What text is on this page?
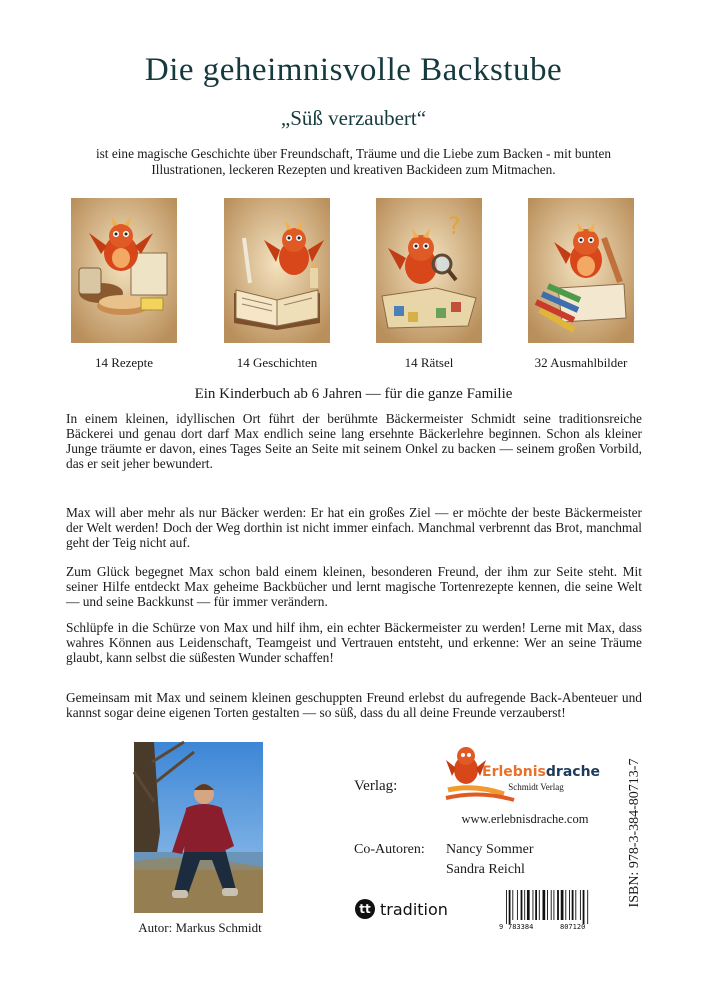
Die geheimnisvolle Backstube
„Süß verzaubert“
ist eine magische Geschichte über Freundschaft, Träume und die Liebe zum Backen - mit bunten Illustrationen, leckeren Rezepten und kreativen Backideen zum Mitmachen.
?
14 Rezepte	14 Geschichten	14 Rätsel	32 Ausmahlbilder
Ein Kinderbuch ab 6 Jahren — für die ganze Familie

In einem kleinen, idyllischen Ort führt der berühmte Bäckermeister Schmidt seine traditionsreiche Bäckerei und genau dort darf Max endlich seine lang ersehnte Bäckerlehre beginnen. Schon als kleiner Junge träumte er davon, eines Tages Seite an Seite mit seinem Onkel zu backen — seinem großen Vorbild, das er seit jeher bewundert.

Max will aber mehr als nur Bäcker werden: Er hat ein großes Ziel — er möchte der beste Bäckermeister der Welt werden! Doch der Weg dorthin ist nicht immer einfach. Manchmal verbrennt das Brot, manchmal geht der Teig nicht auf.

Zum Glück begegnet Max schon bald einem kleinen, besonderen Freund, der ihm zur Seite steht. Mit seiner Hilfe entdeckt Max geheime Backbücher und lernt magische Tortenrezepte kennen, die seine Welt — und seine Backkunst — für immer verändern.

Schlüpfe in die Schürze von Max und hilf ihm, ein echter Bäckermeister zu werden! Lerne mit Max, dass wahres Können aus Leidenschaft, Teamgeist und Vertrauen entsteht, und erkenne: Wer an seine Träume glaubt, kann selbst die süßesten Wunder schaffen!

Gemeinsam mit Max und seinem kleinen geschuppten Freund erlebst du aufregende Back-Abenteuer und kannst sogar deine eigenen Torten gestalten — so süß, dass du all deine Freunde verzauberst!

Autor: Markus Schmidt
Verlag:
Erlebnisdrache
Schmidt Verlag
www.erlebnisdrache.com
Co-Autoren: Nancy Sommer
Sandra Reichl
tt tradition
9 783384	807120
ISBN: 978-3-384-80713-7
